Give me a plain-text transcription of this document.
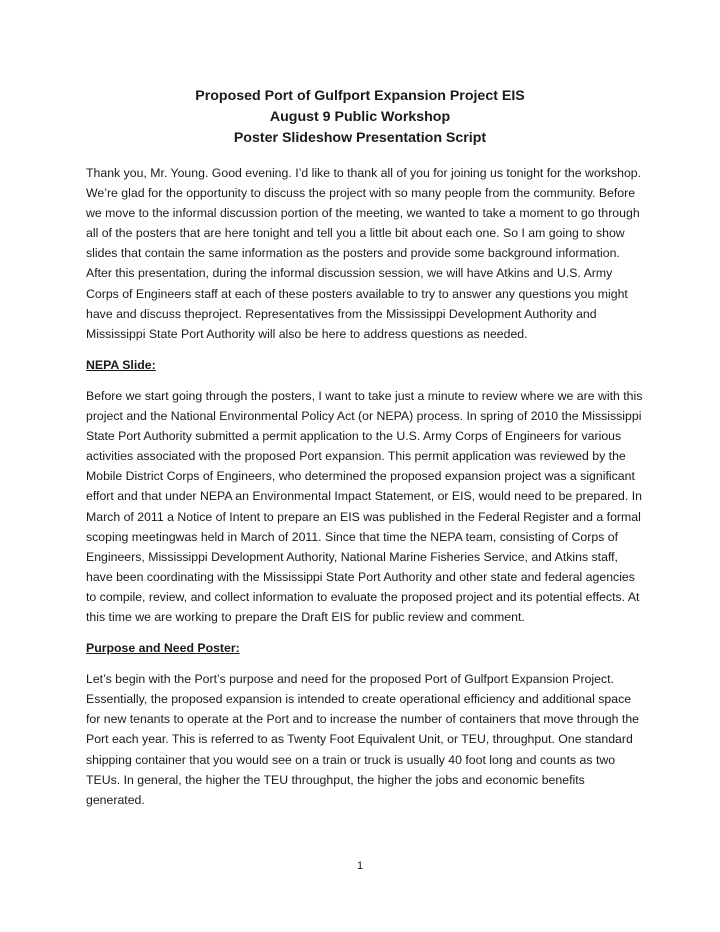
Proposed Port of Gulfport Expansion Project EIS
August 9 Public Workshop
Poster Slideshow Presentation Script

Thank you, Mr. Young. Good evening. I’d like to thank all of you for joining us tonight for the workshop. We’re glad for the opportunity to discuss the project with so many people from the community. Before we move to the informal discussion portion of the meeting, we wanted to take a moment to go through all of the posters that are here tonight and tell you a little bit about each one. So I am going to show slides that contain the same information as the posters and provide some background information. After this presentation, during the informal discussion session, we will have Atkins and U.S. Army Corps of Engineers staff at each of these posters available to try to answer any questions you might have and discuss theproject. Representatives from the Mississippi Development Authority and Mississippi State Port Authority will also be here to address questions as needed.

NEPA Slide:

Before we start going through the posters, I want to take just a minute to review where we are with this project and the National Environmental Policy Act (or NEPA) process. In spring of 2010 the Mississippi State Port Authority submitted a permit application to the U.S. Army Corps of Engineers for various activities associated with the proposed Port expansion. This permit application was reviewed by the Mobile District Corps of Engineers, who determined the proposed expansion project was a significant effort and that under NEPA an Environmental Impact Statement, or EIS, would need to be prepared. In March of 2011 a Notice of Intent to prepare an EIS was published in the Federal Register and a formal scoping meetingwas held in March of 2011. Since that time the NEPA team, consisting of Corps of Engineers, Mississippi Development Authority, National Marine Fisheries Service, and Atkins staff, have been coordinating with the Mississippi State Port Authority and other state and federal agencies to compile, review, and collect information to evaluate the proposed project and its potential effects. At this time we are working to prepare the Draft EIS for public review and comment.

Purpose and Need Poster:

Let’s begin with the Port’s purpose and need for the proposed Port of Gulfport Expansion Project. Essentially, the proposed expansion is intended to create operational efficiency and additional space for new tenants to operate at the Port and to increase the number of containers that move through the Port each year. This is referred to as Twenty Foot Equivalent Unit, or TEU, throughput. One standard shipping container that you would see on a train or truck is usually 40 foot long and counts as two TEUs. In general, the higher the TEU throughput, the higher the jobs and economic benefits generated.

1
